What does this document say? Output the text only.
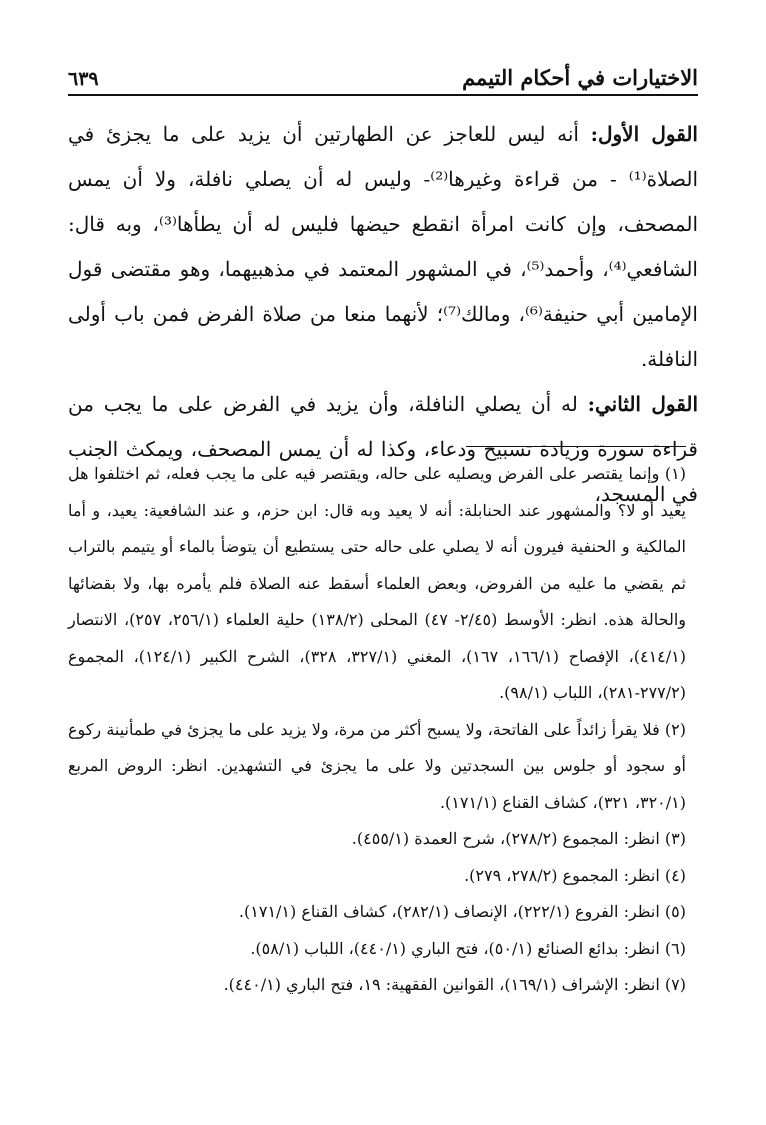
الاختيارات في أحكام التيمم
٦٣٩

القول الأول: أنه ليس للعاجز عن الطهارتين أن يزيد على ما يجزئ في الصلاة⁽¹⁾ - من قراءة وغيرها⁽²⁾- وليس له أن يصلي نافلة، ولا أن يمس المصحف، وإن كانت امرأة انقطع حيضها فليس له أن يطأها⁽³⁾، وبه قال: الشافعي⁽⁴⁾، وأحمد⁽⁵⁾، في المشهور المعتمد في مذهبيهما، وهو مقتضى قول الإمامين أبي حنيفة⁽⁶⁾، ومالك⁽⁷⁾؛ لأنهما منعا من صلاة الفرض فمن باب أولى النافلة.

القول الثاني: له أن يصلي النافلة، وأن يزيد في الفرض على ما يجب من قراءة سورة وزيادة تسبيح ودعاء، وكذا له أن يمس المصحف، ويمكث الجنب في المسجد،

(١) وإنما يقتصر على الفرض ويصليه على حاله، ويقتصر فيه على ما يجب فعله، ثم اختلفوا هل يعيد أو لا؟ والمشهور عند الحنابلة: أنه لا يعيد وبه قال: ابن حزم، و عند الشافعية: يعيد، و أما المالكية و الحنفية فيرون أنه لا يصلي على حاله حتى يستطيع أن يتوضأ بالماء أو يتيمم بالتراب ثم يقضي ما عليه من الفروض، وبعض العلماء أسقط عنه الصلاة فلم يأمره بها، ولا بقضائها والحالة هذه. انظر: الأوسط (٢/٤٥- ٤٧) المحلى (١٣٨/٢) حلية العلماء (٢٥٦/١، ٢٥٧)، الانتصار (٤١٤/١)، الإفصاح (١٦٦/١، ١٦٧)، المغني (٣٢٧/١، ٣٢٨)، الشرح الكبير (١٢٤/١)، المجموع (٢٧٧/٢-٢٨١)، اللباب (٩٨/١).

(٢) فلا يقرأ زائداً على الفاتحة، ولا يسبح أكثر من مرة، ولا يزيد على ما يجزئ في طمأنينة ركوع أو سجود أو جلوس بين السجدتين ولا على ما يجزئ في التشهدين. انظر: الروض المربع (٣٢٠/١، ٣٢١)، كشاف القناع (١٧١/١).

(٣) انظر: المجموع (٢٧٨/٢)، شرح العمدة (٤٥٥/١).

(٤) انظر: المجموع (٢٧٨/٢، ٢٧٩).

(٥) انظر: الفروع (٢٢٢/١)، الإنصاف (٢٨٢/١)، كشاف القناع (١٧١/١).

(٦) انظر: بدائع الصنائع (٥٠/١)، فتح الباري (٤٤٠/١)، اللباب (٥٨/١).

(٧) انظر: الإشراف (١٦٩/١)، القوانين الفقهية: ١٩، فتح الباري (٤٤٠/١).
